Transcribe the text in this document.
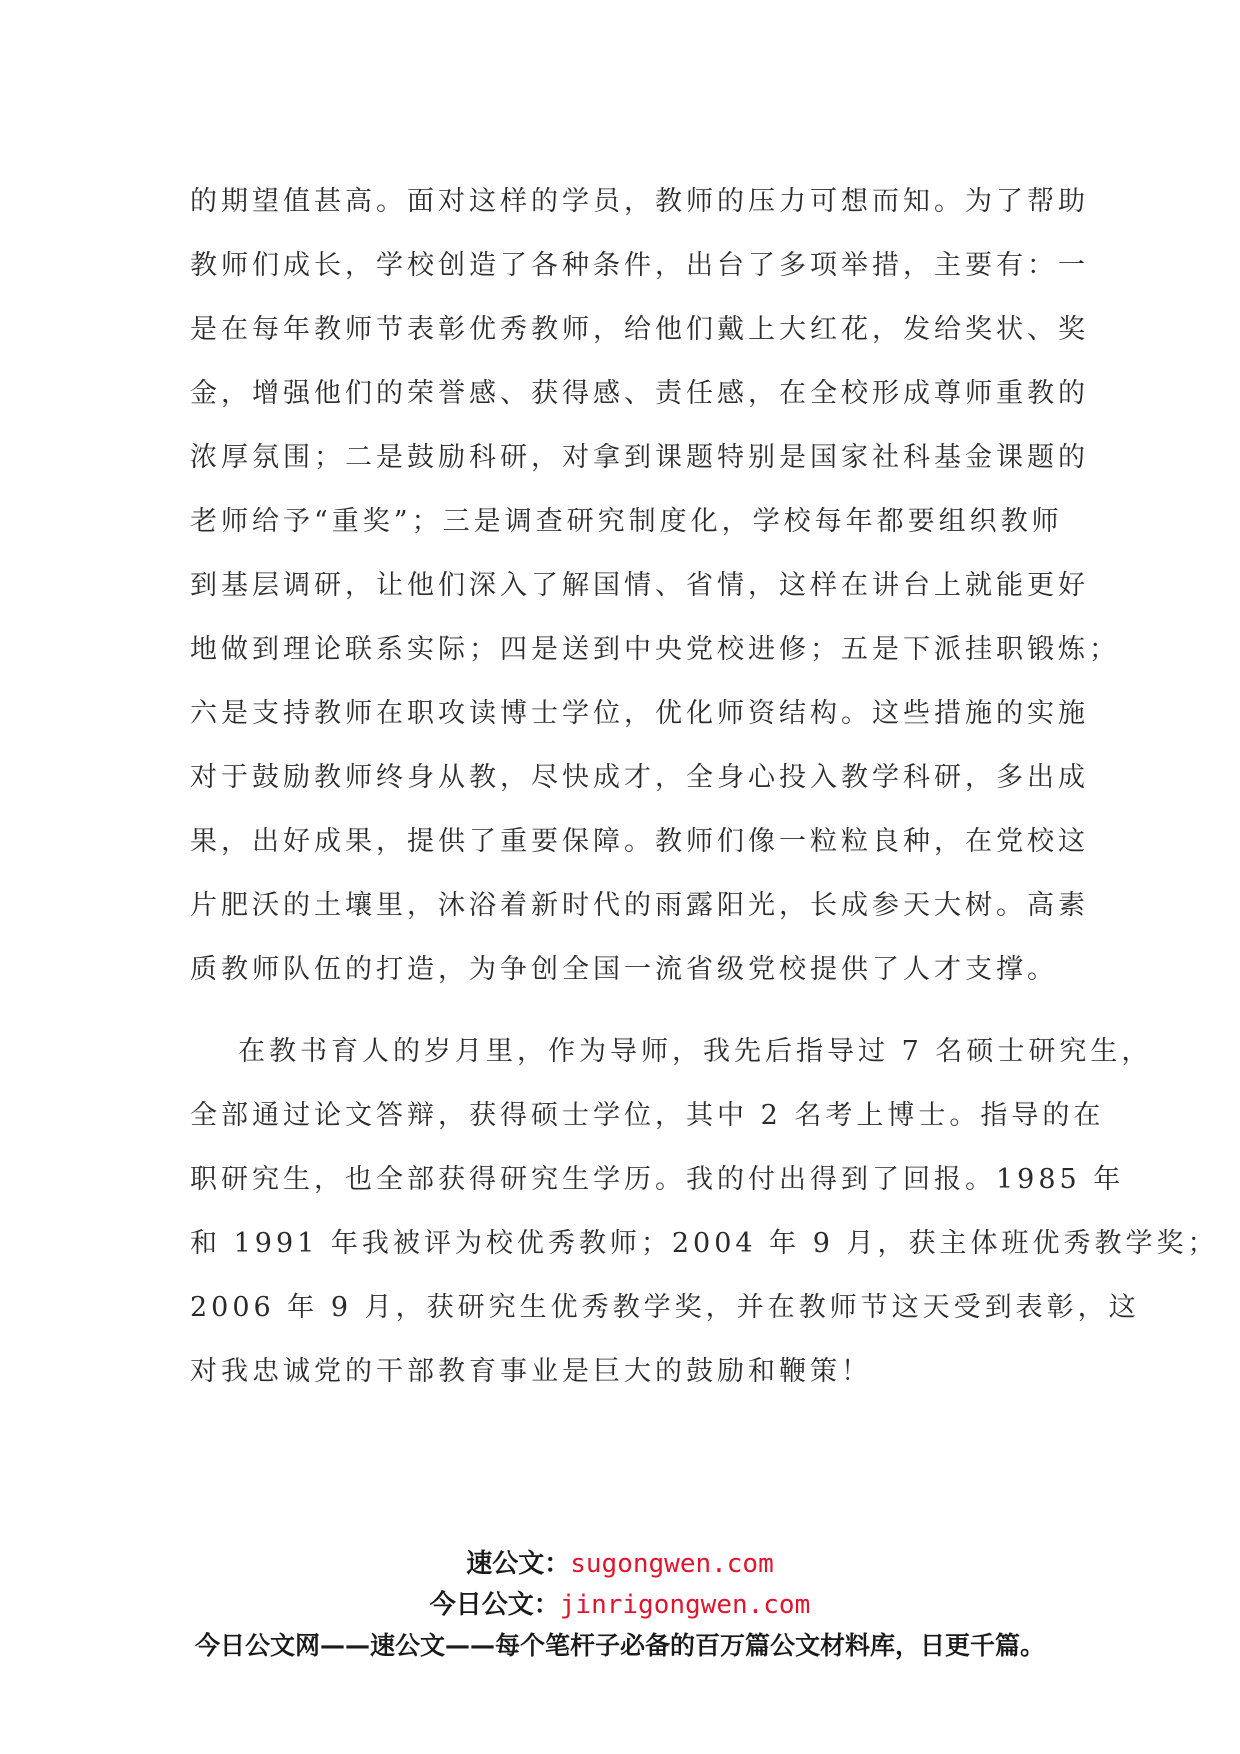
的期望值甚高。面对这样的学员，教师的压力可想而知。为了帮助
教师们成长，学校创造了各种条件，出台了多项举措，主要有：一
是在每年教师节表彰优秀教师，给他们戴上大红花，发给奖状、奖
金，增强他们的荣誉感、获得感、责任感，在全校形成尊师重教的
浓厚氛围；二是鼓励科研，对拿到课题特别是国家社科基金课题的
老师给予“重奖”；三是调查研究制度化，学校每年都要组织教师
到基层调研，让他们深入了解国情、省情，这样在讲台上就能更好
地做到理论联系实际；四是送到中央党校进修；五是下派挂职锻炼；
六是支持教师在职攻读博士学位，优化师资结构。这些措施的实施
对于鼓励教师终身从教，尽快成才，全身心投入教学科研，多出成
果，出好成果，提供了重要保障。教师们像一粒粒良种，在党校这
片肥沃的土壤里，沐浴着新时代的雨露阳光，长成参天大树。高素
质教师队伍的打造，为争创全国一流省级党校提供了人才支撑。
在教书育人的岁月里，作为导师，我先后指导过 7 名硕士研究生，
全部通过论文答辩，获得硕士学位，其中 2 名考上博士。指导的在
职研究生，也全部获得研究生学历。我的付出得到了回报。1985 年
和 1991 年我被评为校优秀教师；2004 年 9 月，获主体班优秀教学奖；
2006 年 9 月，获研究生优秀教学奖，并在教师节这天受到表彰，这
对我忠诚党的干部教育事业是巨大的鼓励和鞭策！
速公文：sugongwen.com
今日公文：jinrigongwen.com
今日公文网——速公文——每个笔杆子必备的百万篇公文材料库，日更千篇。
